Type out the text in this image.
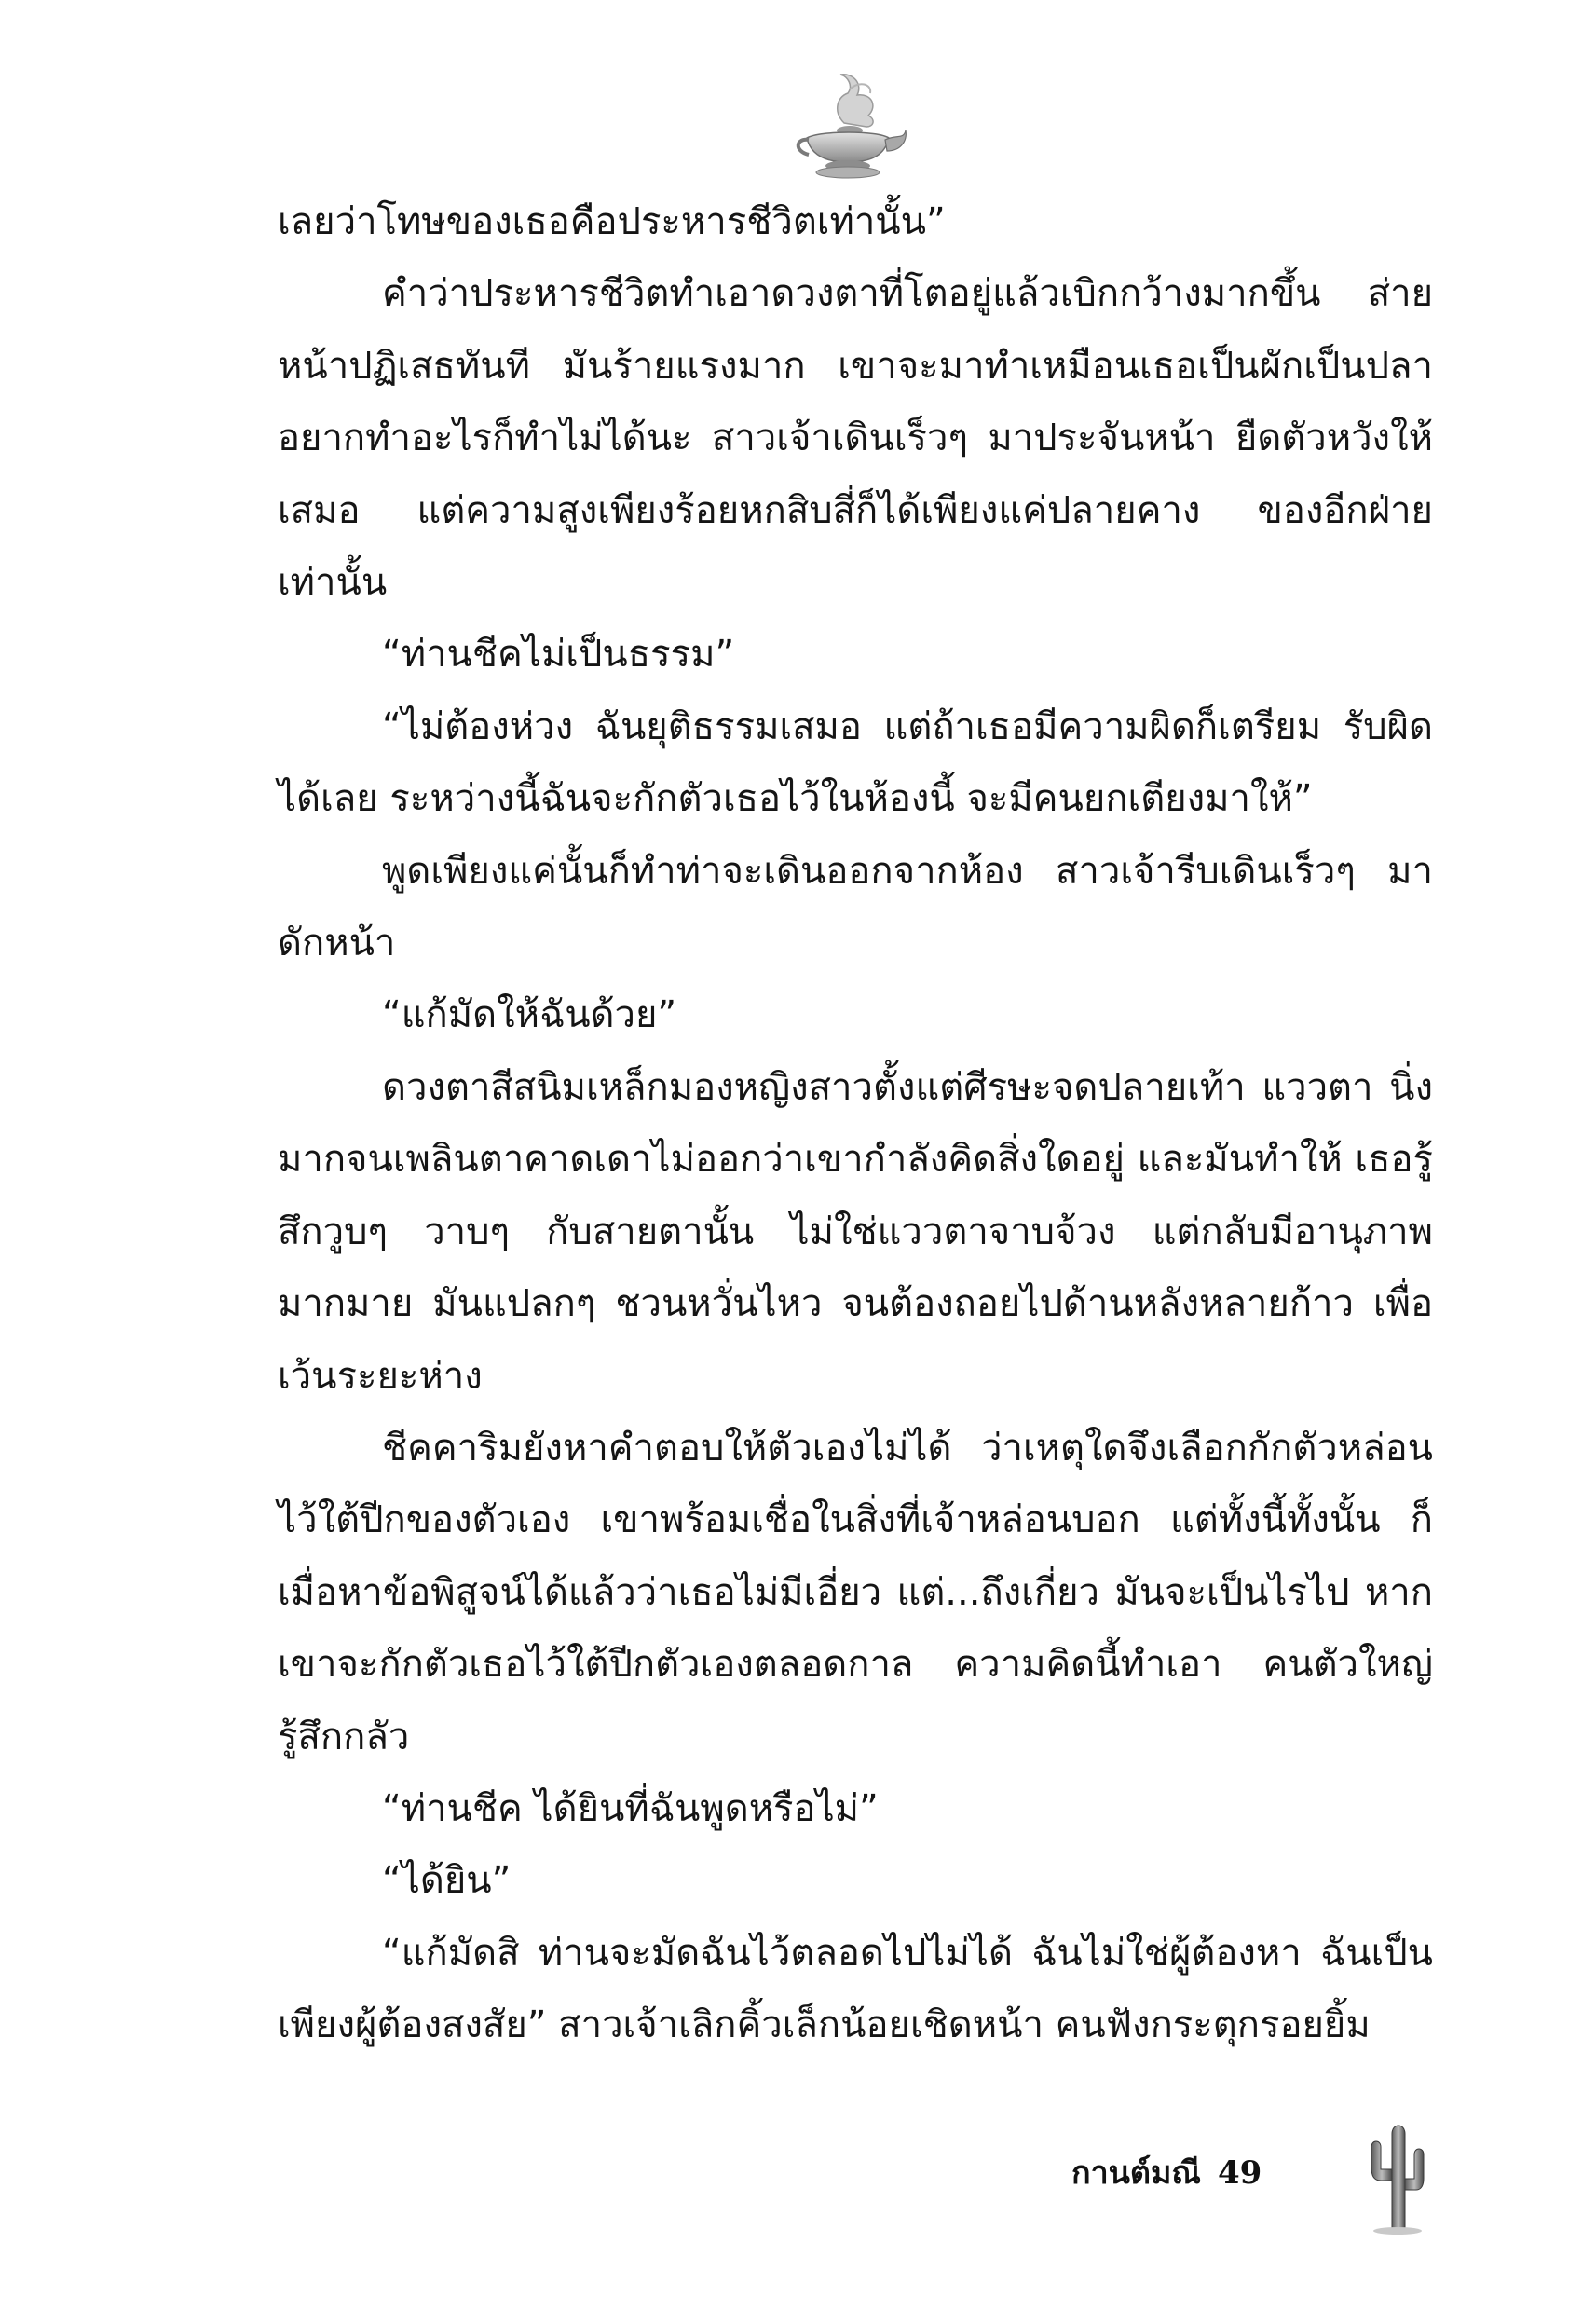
เลยว่าโทษของเธอคือประหารชีวิตเท่านั้น”

คำว่าประหารชีวิตทำเอาดวงตาที่โตอยู่แล้วเบิกกว้างมากขึ้น ส่ายหน้าปฏิเสธทันที มันร้ายแรงมาก เขาจะมาทำเหมือนเธอเป็นผักเป็นปลาอยากทำอะไรก็ทำไม่ได้นะ สาวเจ้าเดินเร็วๆ มาประจันหน้า ยืดตัวหวังให้เสมอ แต่ความสูงเพียงร้อยหกสิบสี่ก็ได้เพียงแค่ปลายคาง ของอีกฝ่ายเท่านั้น

“ท่านชีคไม่เป็นธรรม”

“ไม่ต้องห่วง ฉันยุติธรรมเสมอ แต่ถ้าเธอมีความผิดก็เตรียม รับผิดได้เลย ระหว่างนี้ฉันจะกักตัวเธอไว้ในห้องนี้ จะมีคนยกเตียงมาให้”

พูดเพียงแค่นั้นก็ทำท่าจะเดินออกจากห้อง สาวเจ้ารีบเดินเร็วๆ มาดักหน้า

“แก้มัดให้ฉันด้วย”

ดวงตาสีสนิมเหล็กมองหญิงสาวตั้งแต่ศีรษะจดปลายเท้า แววตา นิ่งมากจนเพลินตาคาดเดาไม่ออกว่าเขากำลังคิดสิ่งใดอยู่ และมันทำให้ เธอรู้สึกวูบๆ วาบๆ กับสายตานั้น ไม่ใช่แววตาจาบจ้วง แต่กลับมีอานุภาพ มากมาย มันแปลกๆ ชวนหวั่นไหว จนต้องถอยไปด้านหลังหลายก้าว เพื่อเว้นระยะห่าง

ชีคคาริมยังหาคำตอบให้ตัวเองไม่ได้ ว่าเหตุใดจึงเลือกกักตัวหล่อน ไว้ใต้ปีกของตัวเอง เขาพร้อมเชื่อในสิ่งที่เจ้าหล่อนบอก แต่ทั้งนี้ทั้งนั้น ก็เมื่อหาข้อพิสูจน์ได้แล้วว่าเธอไม่มีเอี่ยว แต่...ถึงเกี่ยว มันจะเป็นไรไป หากเขาจะกักตัวเธอไว้ใต้ปีกตัวเองตลอดกาล ความคิดนี้ทำเอา คนตัวใหญ่รู้สึกกลัว

“ท่านชีค ได้ยินที่ฉันพูดหรือไม่”

“ได้ยิน”

“แก้มัดสิ ท่านจะมัดฉันไว้ตลอดไปไม่ได้ ฉันไม่ใช่ผู้ต้องหา ฉันเป็น เพียงผู้ต้องสงสัย” สาวเจ้าเลิกคิ้วเล็กน้อยเชิดหน้า คนฟังกระตุกรอยยิ้ม

กานต์มณี 49
